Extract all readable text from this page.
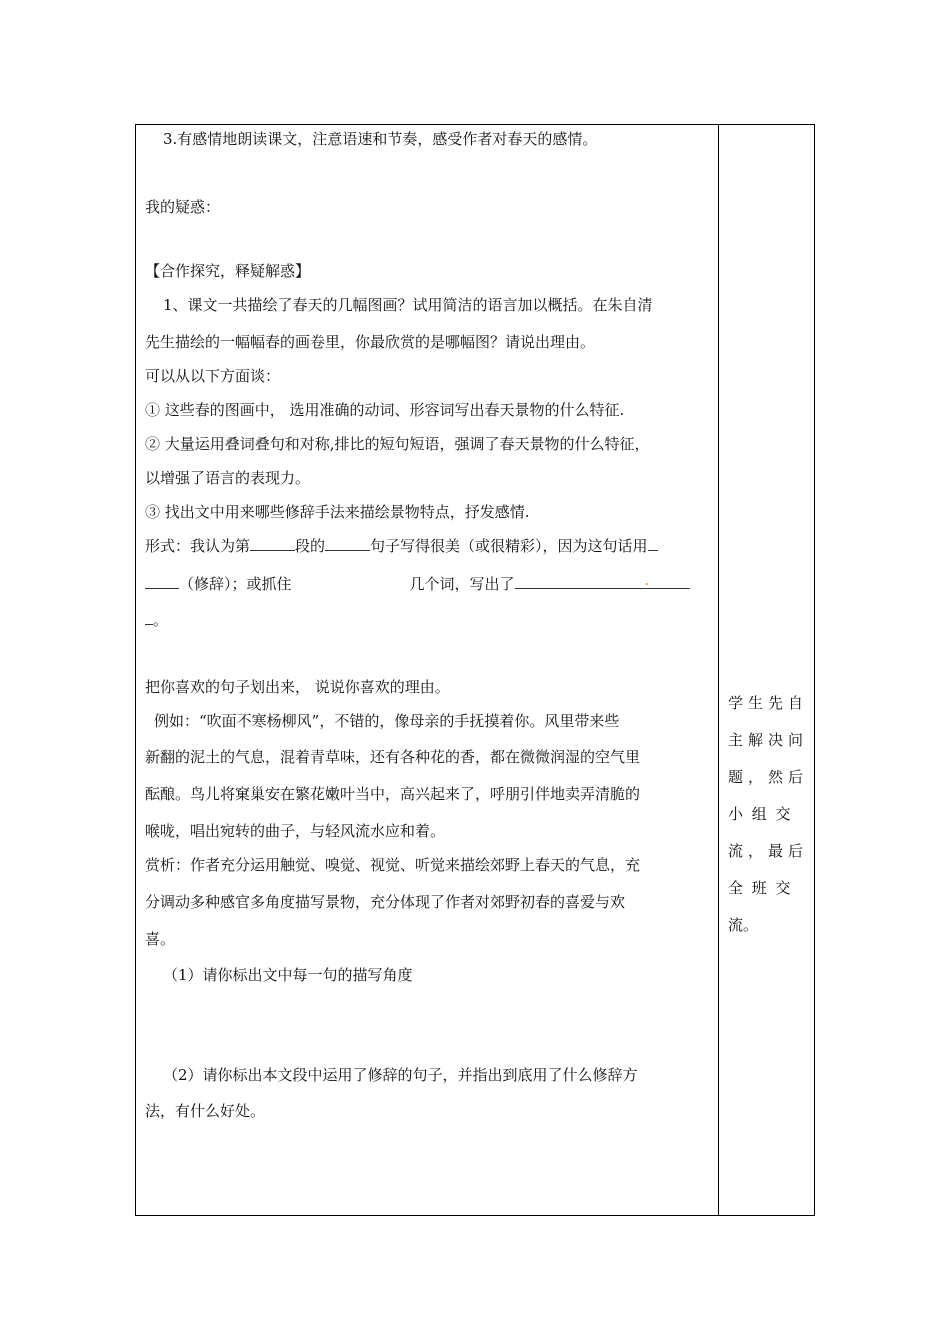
3.有感情地朗读课文，注意语速和节奏，感受作者对春天的感情。
我的疑惑：
【合作探究，释疑解惑】
1、课文一共描绘了春天的几幅图画？试用简洁的语言加以概括。在朱自清
先生描绘的一幅幅春的画卷里，你最欣赏的是哪幅图？请说出理由。
可以从以下方面谈：
① 这些春的图画中， 选用准确的动词、形容词写出春天景物的什么特征.
② 大量运用叠词叠句和对称,排比的短句短语，强调了春天景物的什么特征，
以增强了语言的表现力。
③ 找出文中用来哪些修辞手法来描绘景物特点，抒发感情.
形式：我认为第	段的	句子写得很美（或很精彩），因为这句话用
（修辞）；或抓住	几个词，写出了	.
。
把你喜欢的句子划出来， 说说你喜欢的理由。
例如：“吹面不寒杨柳风”，不错的，像母亲的手抚摸着你。风里带来些
新翻的泥土的气息，混着青草味，还有各种花的香，都在微微润湿的空气里
酝酿。鸟儿将窠巢安在繁花嫩叶当中，高兴起来了，呼朋引伴地卖弄清脆的
喉咙，唱出宛转的曲子，与轻风流水应和着。
赏析：作者充分运用触觉、嗅觉、视觉、听觉来描绘郊野上春天的气息，充
分调动多种感官多角度描写景物，充分体现了作者对郊野初春的喜爱与欢
喜。
（1）请你标出文中每一句的描写角度
（2）请你标出本文段中运用了修辞的句子，并指出到底用了什么修辞方
法，有什么好处。
学生先自
主解决问
题，然后
小 组 交
流，最后
全 班 交
流。
